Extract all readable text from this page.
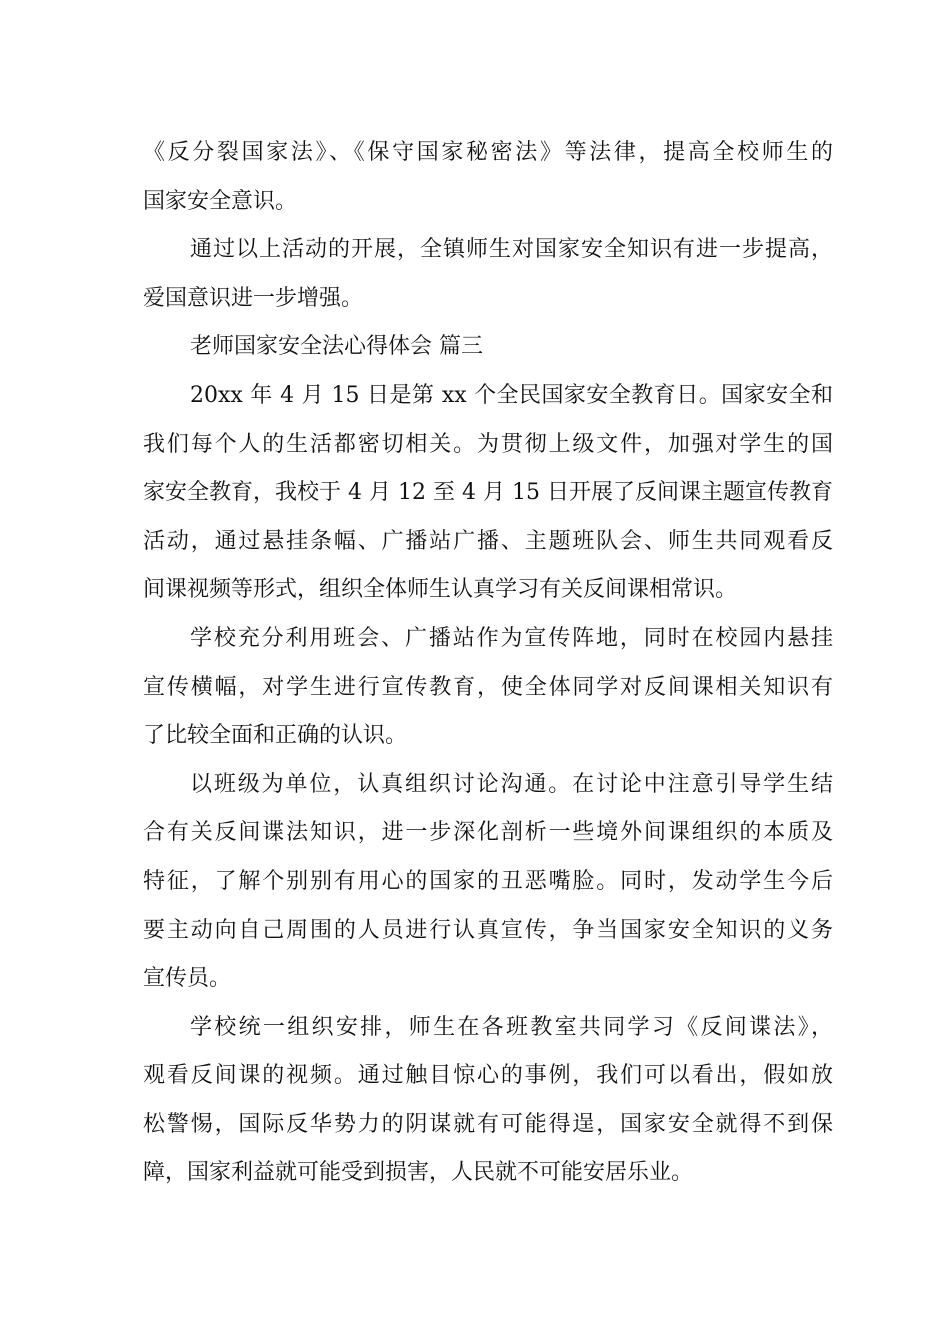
《反分裂国家法》、《保守国家秘密法》等法律，提高全校师生的
国家安全意识。
通过以上活动的开展，全镇师生对国家安全知识有进一步提高，
爱国意识进一步增强。
老师国家安全法心得体会 篇三
20xx 年 4 月 15 日是第 xx 个全民国家安全教育日。国家安全和
我们每个人的生活都密切相关。为贯彻上级文件，加强对学生的国
家安全教育，我校于 4 月 12 至 4 月 15 日开展了反间课主题宣传教育
活动，通过悬挂条幅、广播站广播、主题班队会、师生共同观看反
间课视频等形式，组织全体师生认真学习有关反间课相常识。
学校充分利用班会、广播站作为宣传阵地，同时在校园内悬挂
宣传横幅，对学生进行宣传教育，使全体同学对反间课相关知识有
了比较全面和正确的认识。
以班级为单位，认真组织讨论沟通。在讨论中注意引导学生结
合有关反间谍法知识，进一步深化剖析一些境外间课组织的本质及
特征，了解个别别有用心的国家的丑恶嘴脸。同时，发动学生今后
要主动向自己周围的人员进行认真宣传，争当国家安全知识的义务
宣传员。
学校统一组织安排，师生在各班教室共同学习《反间谍法》，
观看反间课的视频。通过触目惊心的事例，我们可以看出，假如放
松警惕，国际反华势力的阴谋就有可能得逞，国家安全就得不到保
障，国家利益就可能受到损害，人民就不可能安居乐业。
